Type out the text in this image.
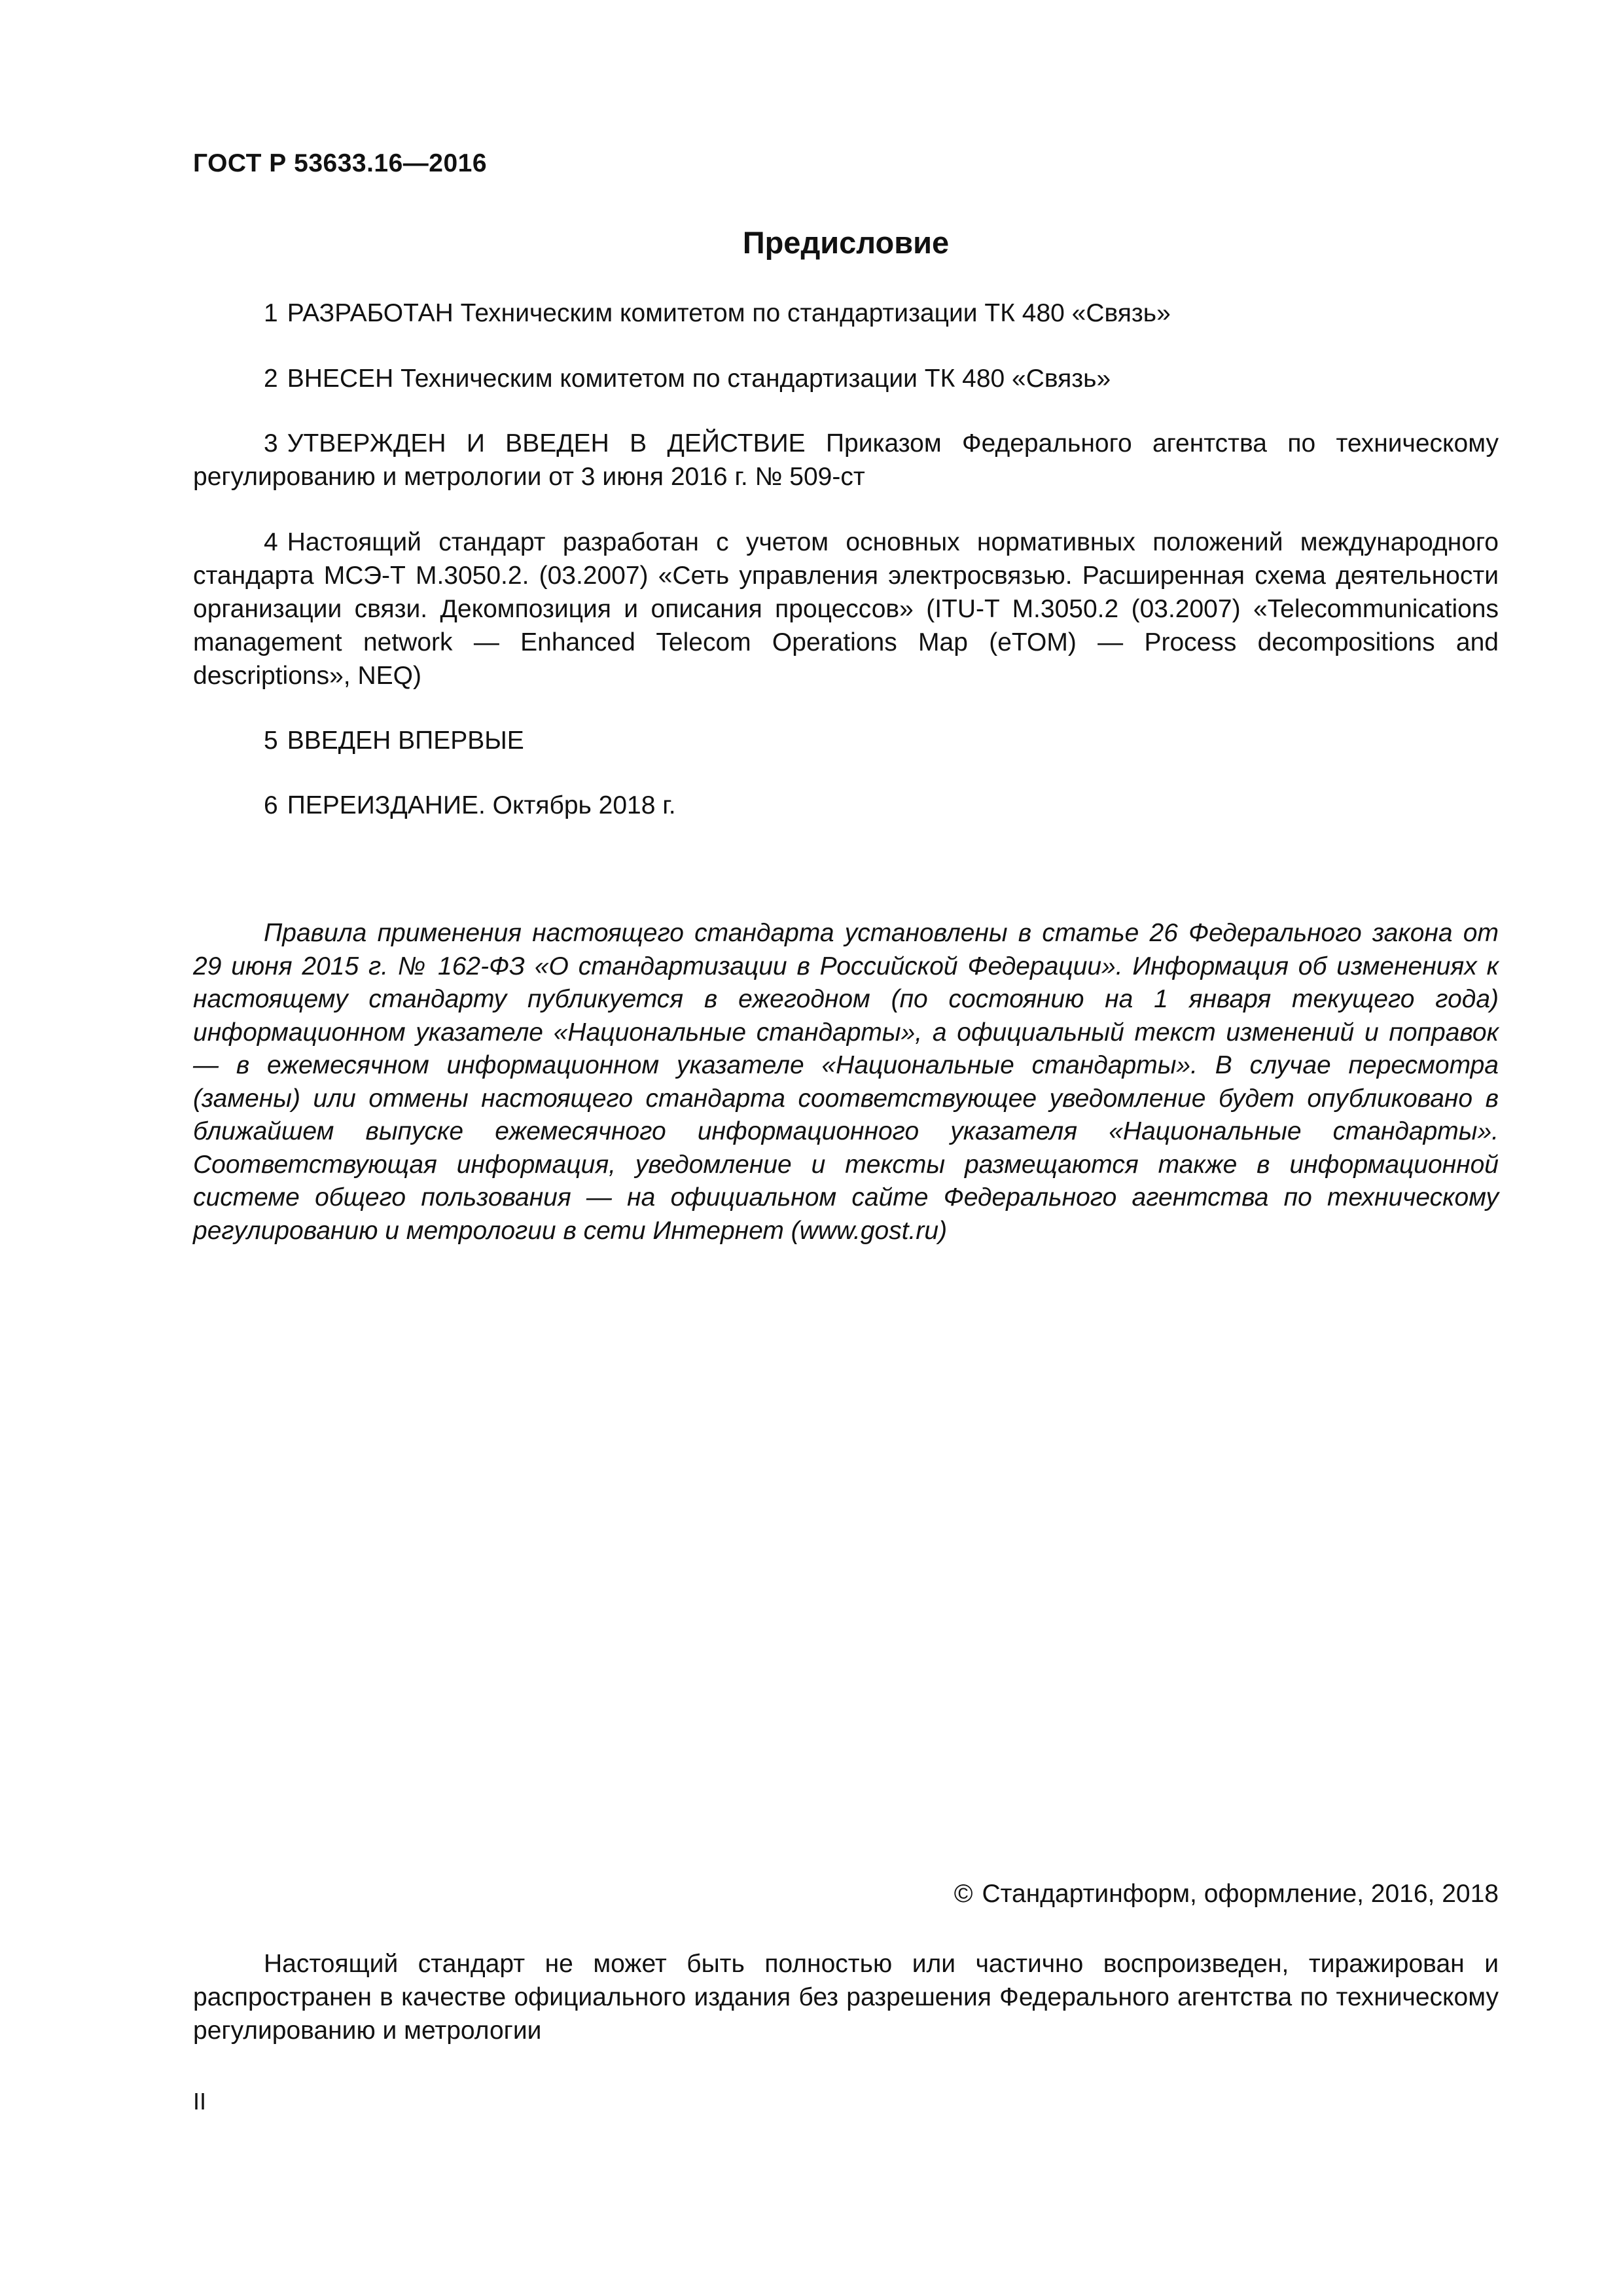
ГОСТ Р 53633.16—2016
Предисловие

1 РАЗРАБОТАН Техническим комитетом по стандартизации ТК 480 «Связь»

2 ВНЕСЕН Техническим комитетом по стандартизации ТК 480 «Связь»

3 УТВЕРЖДЕН И ВВЕДЕН В ДЕЙСТВИЕ Приказом Федерального агентства по техническому регулированию и метрологии от 3 июня 2016 г. № 509-ст

4 Настоящий стандарт разработан с учетом основных нормативных положений международного стандарта МСЭ-Т М.3050.2. (03.2007) «Сеть управления электросвязью. Расширенная схема деятельности организации связи. Декомпозиция и описания процессов» (ITU-T M.3050.2 (03.2007) «Telecommunications management network — Enhanced Telecom Operations Map (eTOM) — Process decompositions and descriptions», NEQ)

5 ВВЕДЕН ВПЕРВЫЕ

6 ПЕРЕИЗДАНИЕ. Октябрь 2018 г.

Правила применения настоящего стандарта установлены в статье 26 Федерального закона от 29 июня 2015 г. № 162-ФЗ «О стандартизации в Российской Федерации». Информация об изменениях к настоящему стандарту публикуется в ежегодном (по состоянию на 1 января текущего года) информационном указателе «Национальные стандарты», а официальный текст изменений и поправок — в ежемесячном информационном указателе «Национальные стандарты». В случае пересмотра (замены) или отмены настоящего стандарта соответствующее уведомление будет опубликовано в ближайшем выпуске ежемесячного информационного указателя «Национальные стандарты». Соответствующая информация, уведомление и тексты размещаются также в информационной системе общего пользования — на официальном сайте Федерального агентства по техническому регулированию и метрологии в сети Интернет (www.gost.ru)

© Стандартинформ, оформление, 2016, 2018

Настоящий стандарт не может быть полностью или частично воспроизведен, тиражирован и распространен в качестве официального издания без разрешения Федерального агентства по техническому регулированию и метрологии

II
